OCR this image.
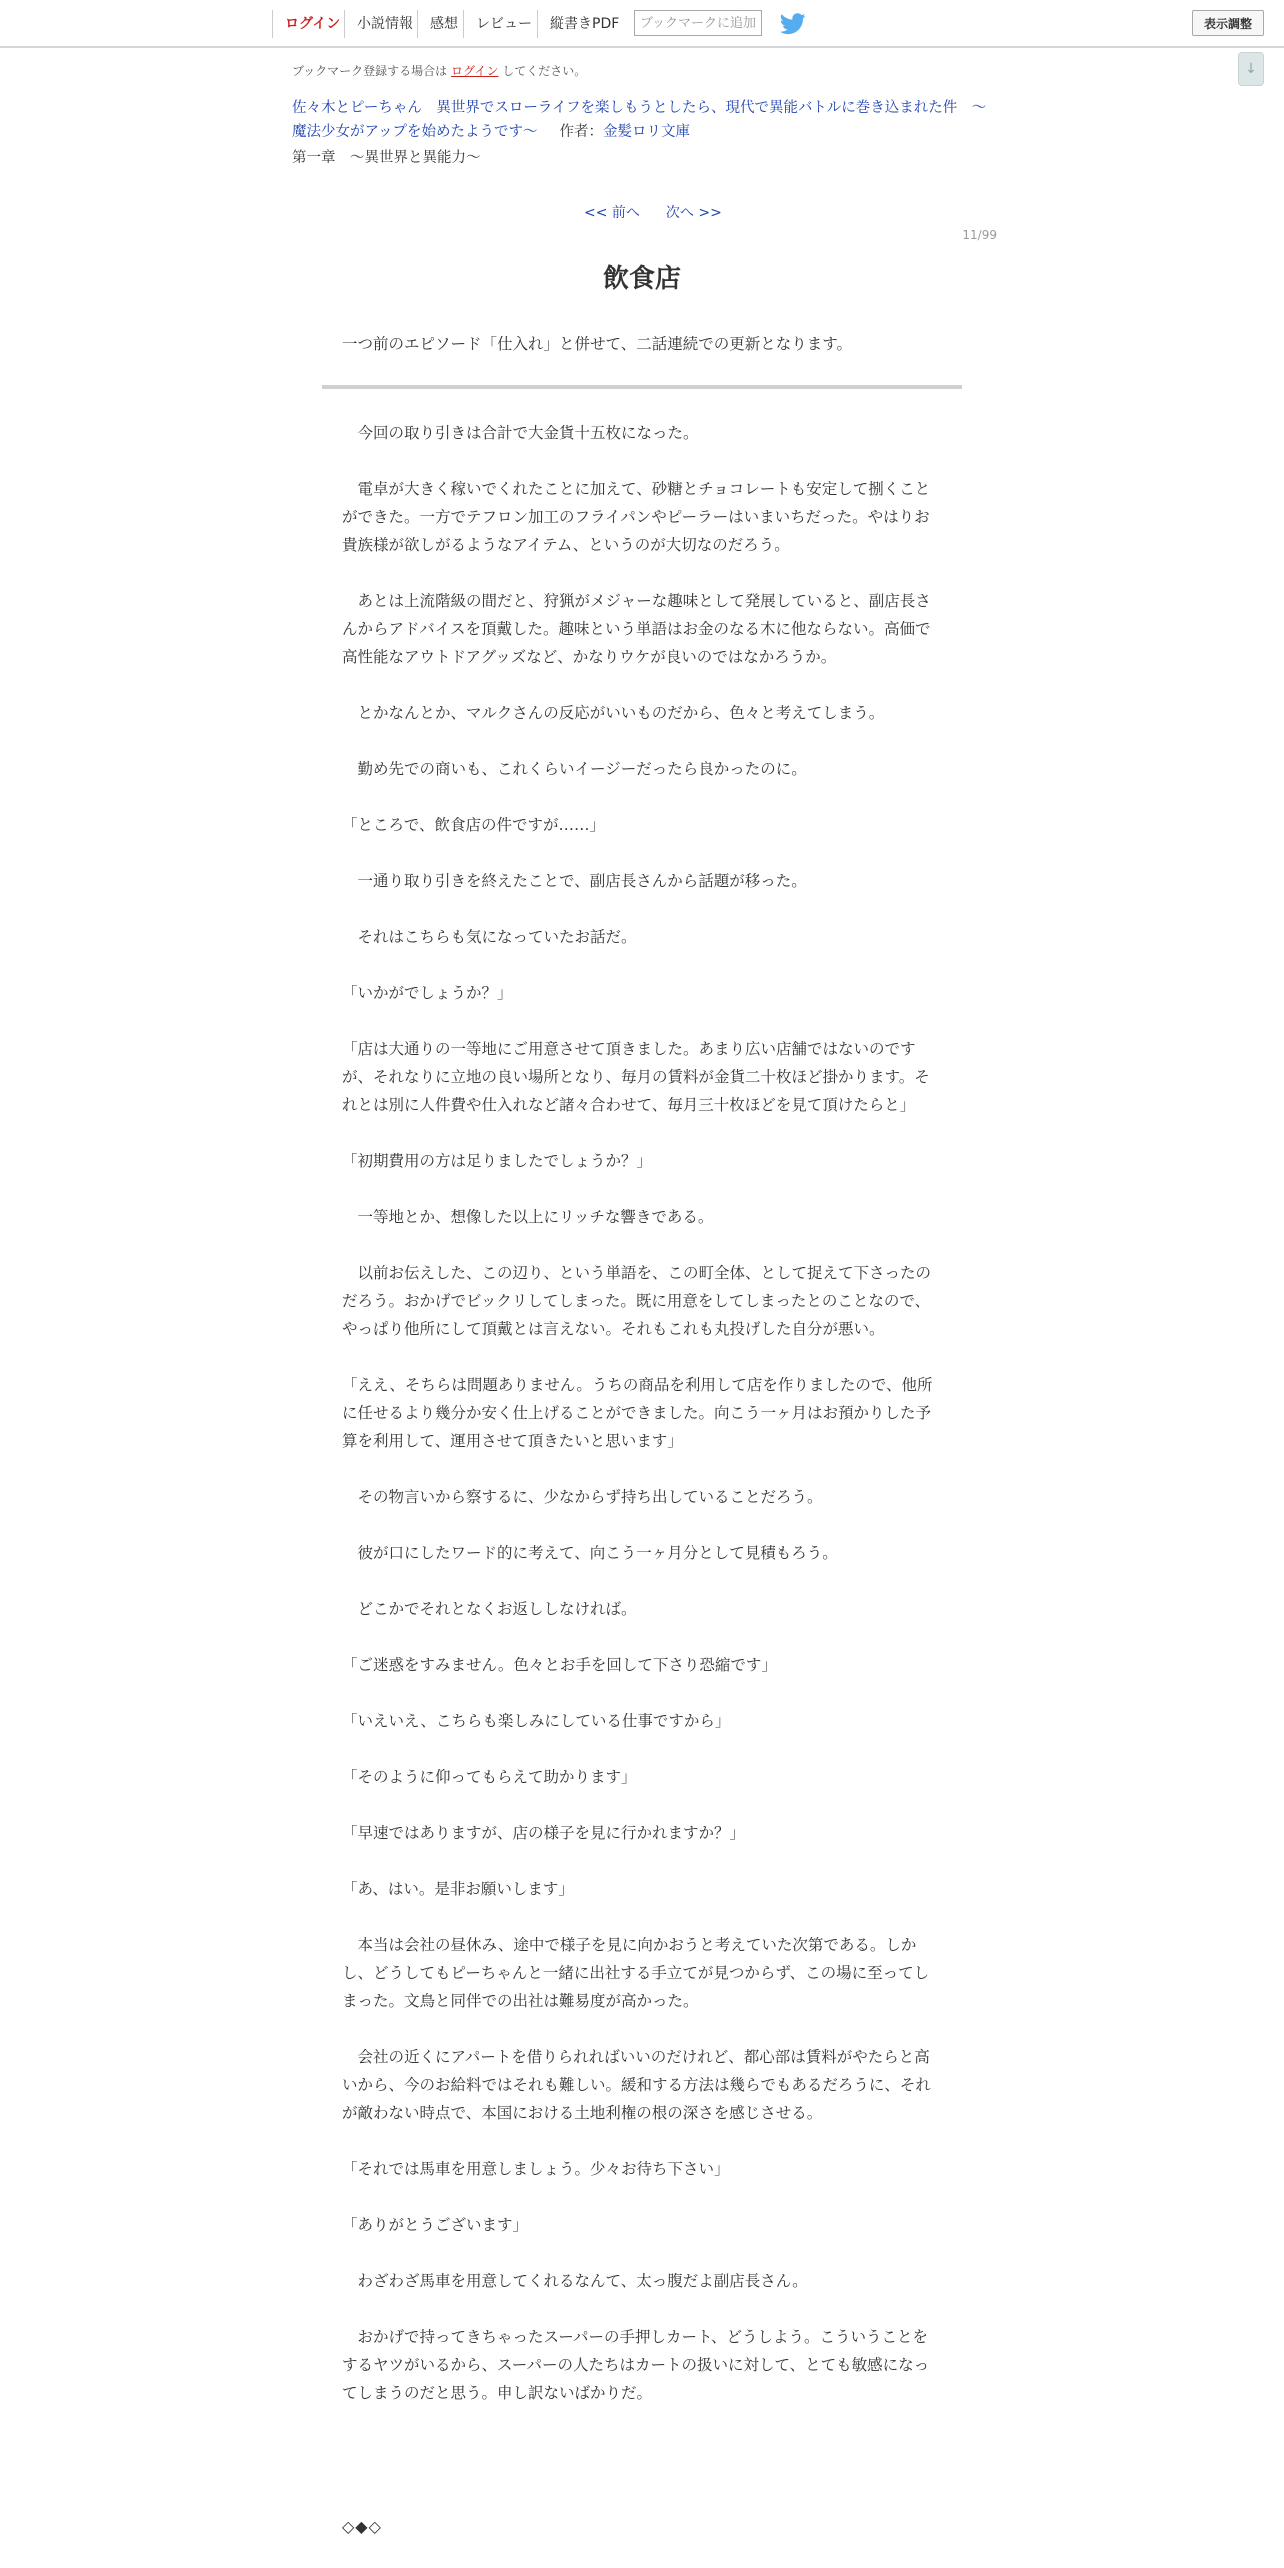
ログイン	小説情報	感想	レビュー	縦書きPDF	ブックマークに追加	表示調整
↓
ブックマーク登録する場合は ログイン してください。
佐々木とピーちゃん　異世界でスローライフを楽しもうとしたら、現代で異能バトルに巻き込まれた件　～魔法少女がアップを始めたようです～ 作者：金髪ロリ文庫
第一章　～異世界と異能力～
<< 前へ 次へ >>
11/99
飲食店
一つ前のエピソード「仕入れ」と併せて、二話連続での更新となります。

　今回の取り引きは合計で大金貨十五枚になった。

　電卓が大きく稼いでくれたことに加えて、砂糖とチョコレートも安定して捌くことができた。一方でテフロン加工のフライパンやピーラーはいまいちだった。やはりお貴族様が欲しがるようなアイテム、というのが大切なのだろう。

　あとは上流階級の間だと、狩猟がメジャーな趣味として発展していると、副店長さんからアドバイスを頂戴した。趣味という単語はお金のなる木に他ならない。高価で高性能なアウトドアグッズなど、かなりウケが良いのではなかろうか。

　とかなんとか、マルクさんの反応がいいものだから、色々と考えてしまう。

　勤め先での商いも、これくらいイージーだったら良かったのに。

「ところで、飲食店の件ですが……」

　一通り取り引きを終えたことで、副店長さんから話題が移った。

　それはこちらも気になっていたお話だ。

「いかがでしょうか？」

「店は大通りの一等地にご用意させて頂きました。あまり広い店舗ではないのですが、それなりに立地の良い場所となり、毎月の賃料が金貨二十枚ほど掛かります。それとは別に人件費や仕入れなど諸々合わせて、毎月三十枚ほどを見て頂けたらと」

「初期費用の方は足りましたでしょうか？」

　一等地とか、想像した以上にリッチな響きである。

　以前お伝えした、この辺り、という単語を、この町全体、として捉えて下さったのだろう。おかげでビックリしてしまった。既に用意をしてしまったとのことなので、やっぱり他所にして頂戴とは言えない。それもこれも丸投げした自分が悪い。

「ええ、そちらは問題ありません。うちの商品を利用して店を作りましたので、他所に任せるより幾分か安く仕上げることができました。向こう一ヶ月はお預かりした予算を利用して、運用させて頂きたいと思います」

　その物言いから察するに、少なからず持ち出していることだろう。

　彼が口にしたワード的に考えて、向こう一ヶ月分として見積もろう。

　どこかでそれとなくお返ししなければ。

「ご迷惑をすみません。色々とお手を回して下さり恐縮です」

「いえいえ、こちらも楽しみにしている仕事ですから」

「そのように仰ってもらえて助かります」

「早速ではありますが、店の様子を見に行かれますか？」

「あ、はい。是非お願いします」

　本当は会社の昼休み、途中で様子を見に向かおうと考えていた次第である。しかし、どうしてもピーちゃんと一緒に出社する手立てが見つからず、この場に至ってしまった。文鳥と同伴での出社は難易度が高かった。

　会社の近くにアパートを借りられればいいのだけれど、都心部は賃料がやたらと高いから、今のお給料ではそれも難しい。緩和する方法は幾らでもあるだろうに、それが敵わない時点で、本国における土地利権の根の深さを感じさせる。

「それでは馬車を用意しましょう。少々お待ち下さい」

「ありがとうございます」

　わざわざ馬車を用意してくれるなんて、太っ腹だよ副店長さん。

　おかげで持ってきちゃったスーパーの手押しカート、どうしよう。こういうことをするヤツがいるから、スーパーの人たちはカートの扱いに対して、とても敏感になってしまうのだと思う。申し訳ないばかりだ。

◇◆◇
